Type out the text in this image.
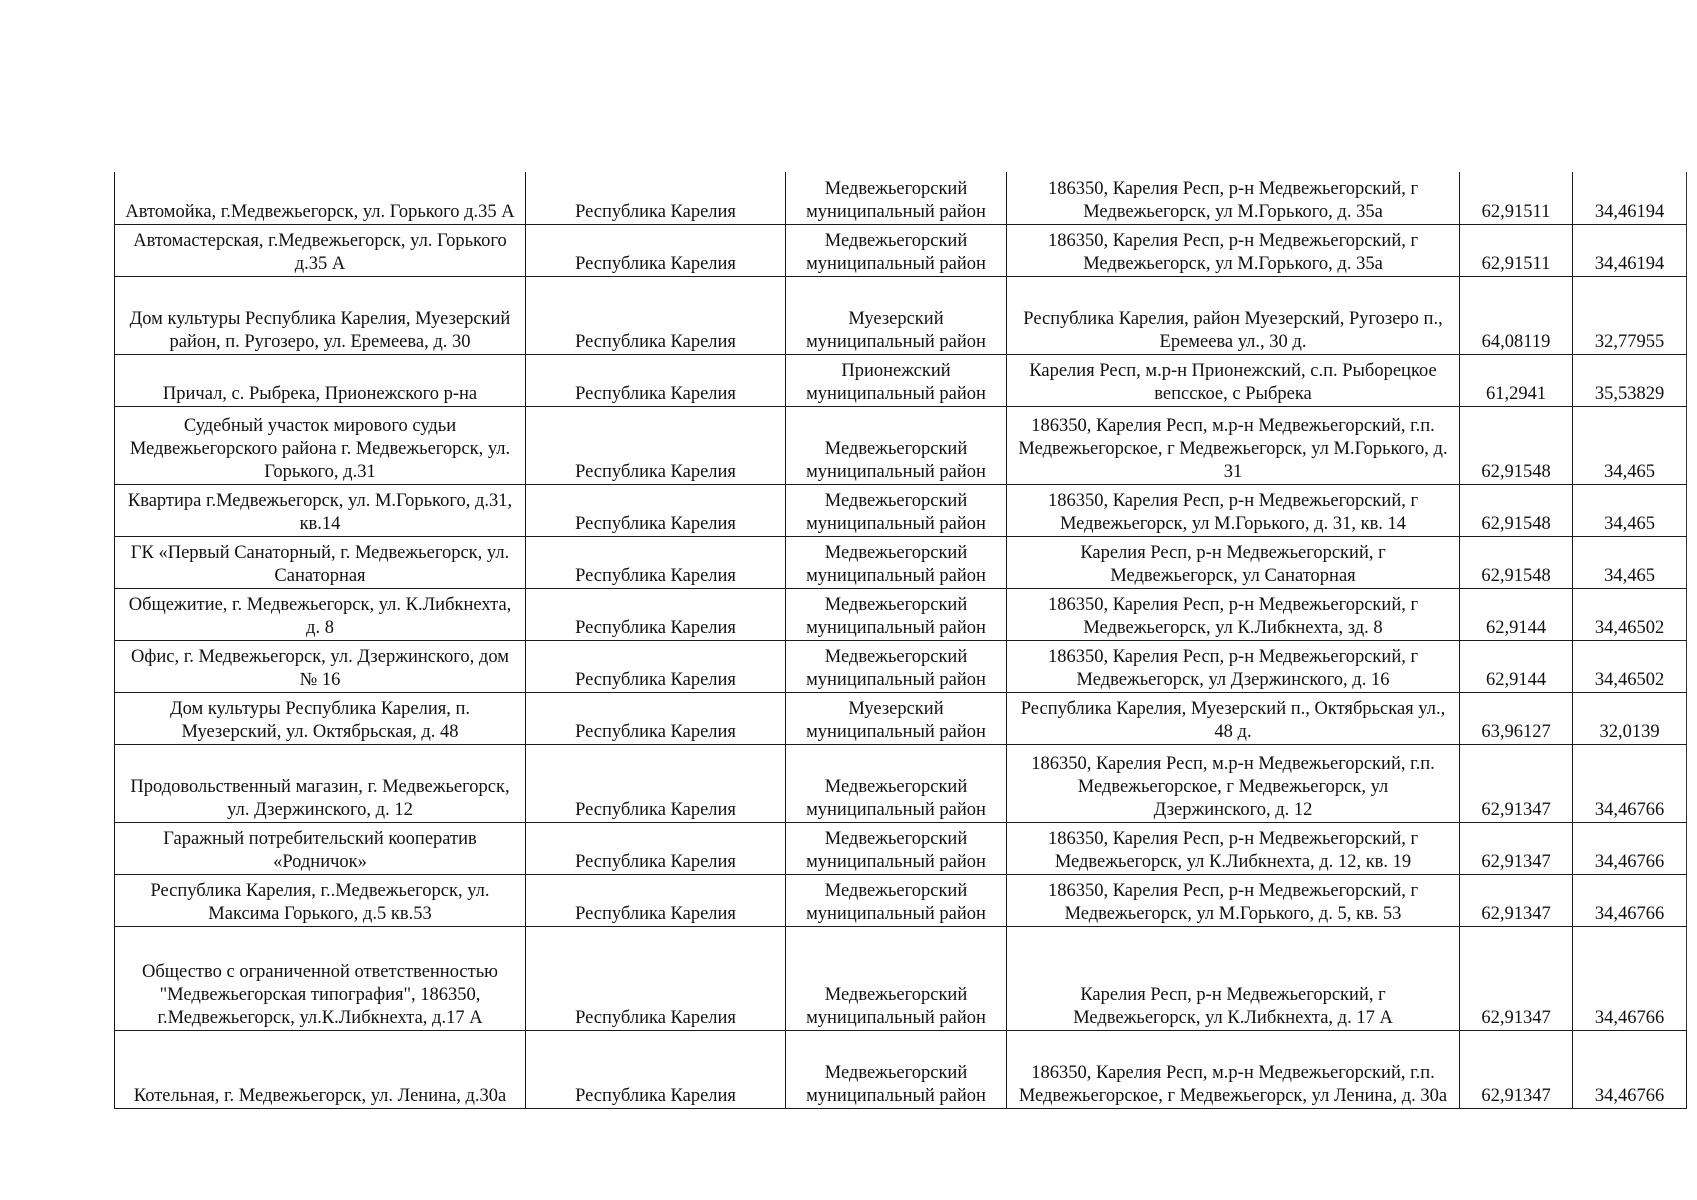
Автомойка, г.Медвежьегорск, ул. Горького д.35 А	Республика Карелия	Медвежьегорский муниципальный район	186350, Карелия Респ, р-н Медвежьегорский, г Медвежьегорск, ул М.Горького, д. 35а	62,91511	34,46194
Автомастерская, г.Медвежьегорск, ул. Горького д.35 А	Республика Карелия	Медвежьегорский муниципальный район	186350, Карелия Респ, р-н Медвежьегорский, г Медвежьегорск, ул М.Горького, д. 35а	62,91511	34,46194
Дом культуры Республика Карелия, Муезерский район, п. Ругозеро, ул. Еремеева, д. 30	Республика Карелия	Муезерский муниципальный район	Республика Карелия, район Муезерский, Ругозеро п., Еремеева ул., 30 д.	64,08119	32,77955
Причал, с. Рыбрека, Прионежского р-на	Республика Карелия	Прионежский муниципальный район	Карелия Респ, м.р-н Прионежский, с.п. Рыборецкое вепсское, с Рыбрека	61,2941	35,53829
Судебный участок мирового судьи Медвежьегорского района г. Медвежьегорск, ул. Горького, д.31	Республика Карелия	Медвежьегорский муниципальный район	186350, Карелия Респ, м.р-н Медвежьегорский, г.п. Медвежьегорское, г Медвежьегорск, ул М.Горького, д. 31	62,91548	34,465
Квартира г.Медвежьегорск, ул. М.Горького, д.31, кв.14	Республика Карелия	Медвежьегорский муниципальный район	186350, Карелия Респ, р-н Медвежьегорский, г Медвежьегорск, ул М.Горького, д. 31, кв. 14	62,91548	34,465
ГК «Первый Санаторный, г. Медвежьегорск, ул. Санаторная	Республика Карелия	Медвежьегорский муниципальный район	Карелия Респ, р-н Медвежьегорский, г Медвежьегорск, ул Санаторная	62,91548	34,465
Общежитие, г. Медвежьегорск, ул. К.Либкнехта, д. 8	Республика Карелия	Медвежьегорский муниципальный район	186350, Карелия Респ, р-н Медвежьегорский, г Медвежьегорск, ул К.Либкнехта, зд. 8	62,9144	34,46502
Офис, г. Медвежьегорск, ул. Дзержинского, дом № 16	Республика Карелия	Медвежьегорский муниципальный район	186350, Карелия Респ, р-н Медвежьегорский, г Медвежьегорск, ул Дзержинского, д. 16	62,9144	34,46502
Дом культуры Республика Карелия, п. Муезерский, ул. Октябрьская, д. 48	Республика Карелия	Муезерский муниципальный район	Республика Карелия, Муезерский п., Октябрьская ул., 48 д.	63,96127	32,0139
Продовольственный магазин, г. Медвежьегорск, ул. Дзержинского, д. 12	Республика Карелия	Медвежьегорский муниципальный район	186350, Карелия Респ, м.р-н Медвежьегорский, г.п. Медвежьегорское, г Медвежьегорск, ул Дзержинского, д. 12	62,91347	34,46766
Гаражный потребительский кооператив «Родничок»	Республика Карелия	Медвежьегорский муниципальный район	186350, Карелия Респ, р-н Медвежьегорский, г Медвежьегорск, ул К.Либкнехта, д. 12, кв. 19	62,91347	34,46766
Республика Карелия, г..Медвежьегорск, ул. Максима Горького, д.5 кв.53	Республика Карелия	Медвежьегорский муниципальный район	186350, Карелия Респ, р-н Медвежьегорский, г Медвежьегорск, ул М.Горького, д. 5, кв. 53	62,91347	34,46766
Общество с ограниченной ответственностью "Медвежьегорская типография", 186350, г.Медвежьегорск, ул.К.Либкнехта, д.17 А	Республика Карелия	Медвежьегорский муниципальный район	Карелия Респ, р-н Медвежьегорский, г Медвежьегорск, ул К.Либкнехта, д. 17 А	62,91347	34,46766
Котельная, г. Медвежьегорск, ул. Ленина, д.30а	Республика Карелия	Медвежьегорский муниципальный район	186350, Карелия Респ, м.р-н Медвежьегорский, г.п. Медвежьегорское, г Медвежьегорск, ул Ленина, д. 30а	62,91347	34,46766
